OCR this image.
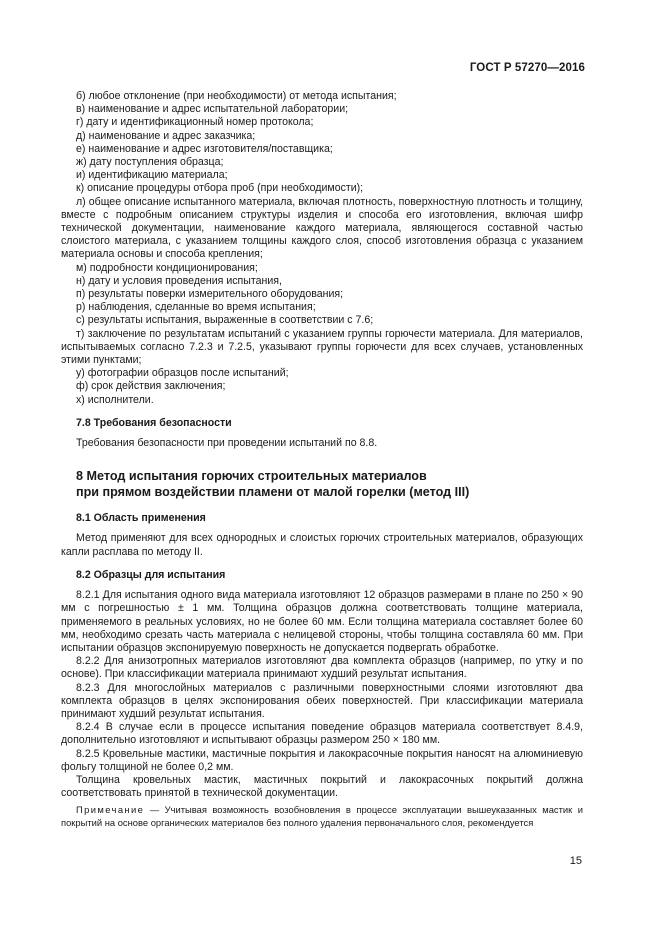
ГОСТ Р 57270—2016

б) любое отклонение (при необходимости) от метода испытания;

в) наименование и адрес испытательной лаборатории;

г) дату и идентификационный номер протокола;

д) наименование и адрес заказчика;

е) наименование и адрес изготовителя/поставщика;

ж) дату поступления образца;

и) идентификацию материала;

к) описание процедуры отбора проб (при необходимости);

л) общее описание испытанного материала, включая плотность, поверхностную плотность и толщину, вместе с подробным описанием структуры изделия и способа его изготовления, включая шифр технической документации, наименование каждого материала, являющегося составной частью слоистого материала, с указанием толщины каждого слоя, способ изготовления образца с указанием материала основы и способа крепления;

м) подробности кондиционирования;

н) дату и условия проведения испытания,

п) результаты поверки измерительного оборудования;

р) наблюдения, сделанные во время испытания;

с) результаты испытания, выраженные в соответствии с 7.6;

т) заключение по результатам испытаний с указанием группы горючести материала. Для материалов, испытываемых согласно 7.2.3 и 7.2.5, указывают группы горючести для всех случаев, установленных этими пунктами;

у) фотографии образцов после испытаний;

ф) срок действия заключения;

х) исполнители.

7.8 Требования безопасности

Требования безопасности при проведении испытаний по 8.8.

8 Метод испытания горючих строительных материалов
при прямом воздействии пламени от малой горелки (метод III)
8.1 Область применения

Метод применяют для всех однородных и слоистых горючих строительных материалов, образующих капли расплава по методу II.

8.2 Образцы для испытания

8.2.1 Для испытания одного вида материала изготовляют 12 образцов размерами в плане по 250 × 90 мм с погрешностью ± 1 мм. Толщина образцов должна соответствовать толщине материала, применяемого в реальных условиях, но не более 60 мм. Если толщина материала составляет более 60 мм, необходимо срезать часть материала с нелицевой стороны, чтобы толщина составляла 60 мм. При испытании образцов экспонируемую поверхность не допускается подвергать обработке.

8.2.2 Для анизотропных материалов изготовляют два комплекта образцов (например, по утку и по основе). При классификации материала принимают худший результат испытания.

8.2.3 Для многослойных материалов с различными поверхностными слоями изготовляют два комплекта образцов в целях экспонирования обеих поверхностей. При классификации материала принимают худший результат испытания.

8.2.4 В случае если в процессе испытания поведение образцов материала соответствует 8.4.9, дополнительно изготовляют и испытывают образцы размером 250 × 180 мм.

8.2.5 Кровельные мастики, мастичные покрытия и лакокрасочные покрытия наносят на алюминиевую фольгу толщиной не более 0,2 мм.

Толщина кровельных мастик, мастичных покрытий и лакокрасочных покрытий должна соответствовать принятой в технической документации.

Примечание — Учитывая возможность возобновления в процессе эксплуатации вышеуказанных мастик и покрытий на основе органических материалов без полного удаления первоначального слоя, рекомендуется

15
